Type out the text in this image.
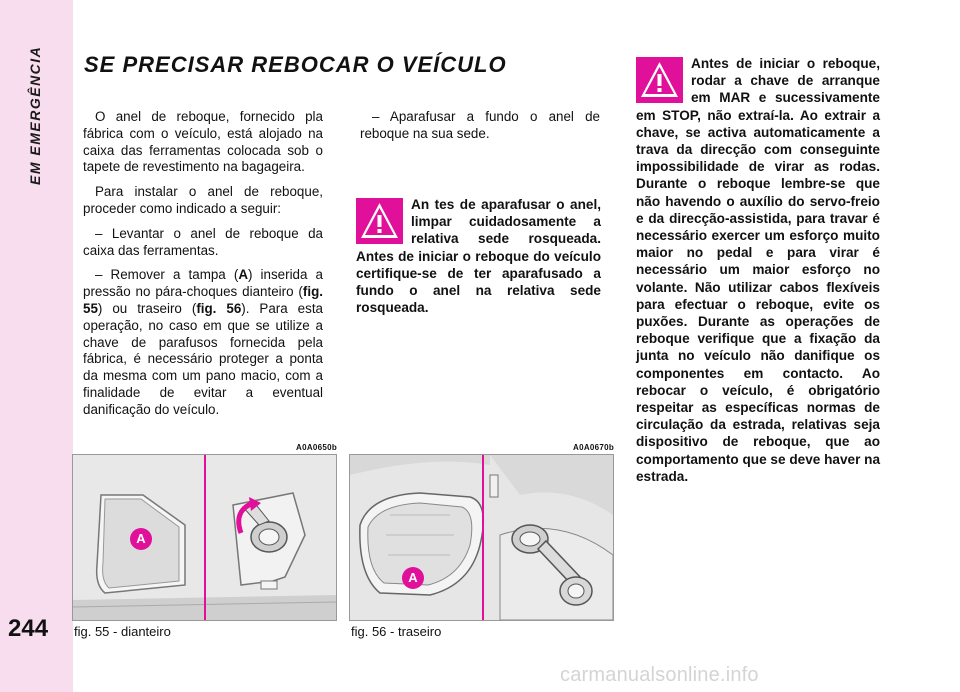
EM EMERGÊNCIA
244
SE PRECISAR REBOCAR O VEÍCULO

O anel de reboque, fornecido pla fábrica com o veículo, está alojado na caixa das ferramentas colocada sob o tapete de revestimento na bagageira.

Para instalar o anel de reboque, proceder como indicado a seguir:

– Levantar o anel de reboque da caixa das ferramentas.

– Remover a tampa (A) inserida a pressão no pára-choques dianteiro (fig. 55) ou traseiro (fig. 56). Para esta operação, no caso em que se utilize a chave de parafusos fornecida pela fábrica, é necessário proteger a ponta da mesma com um pano macio, com a finalidade de evitar a eventual danificação do veículo.

– Aparafusar a fundo o anel de reboque na sua sede.

An tes de aparafusar o anel, limpar cuidadosamente a relativa sede rosqueada. Antes de iniciar o reboque do veículo certifique-se de ter aparafusado a fundo o anel na relativa sede rosqueada.
Antes de iniciar o reboque, rodar a chave de arranque em MAR e sucessivamente em STOP, não extraí-la. Ao extrair a chave, se activa automaticamente a trava da direcção com conseguinte impossibilidade de virar as rodas. Durante o reboque lembre-se que não havendo o auxílio do servo-freio e da direcção-assistida, para travar é necessário exercer um esforço muito maior no pedal e para virar é necessário um maior esforço no volante. Não utilizar cabos flexíveis para efectuar o reboque, evite os puxões. Durante as operações de reboque verifique que a fixação da junta no veículo não danifique os componentes em contacto. Ao rebocar o veículo, é obrigatório respeitar as específicas normas de circulação da estrada, relativas seja dispositivo de reboque, que ao comportamento que se deve haver na estrada.
A0A0650b
A
fig. 55 - dianteiro
A0A0670b
A
fig. 56 - traseiro
carmanualsonline.info
